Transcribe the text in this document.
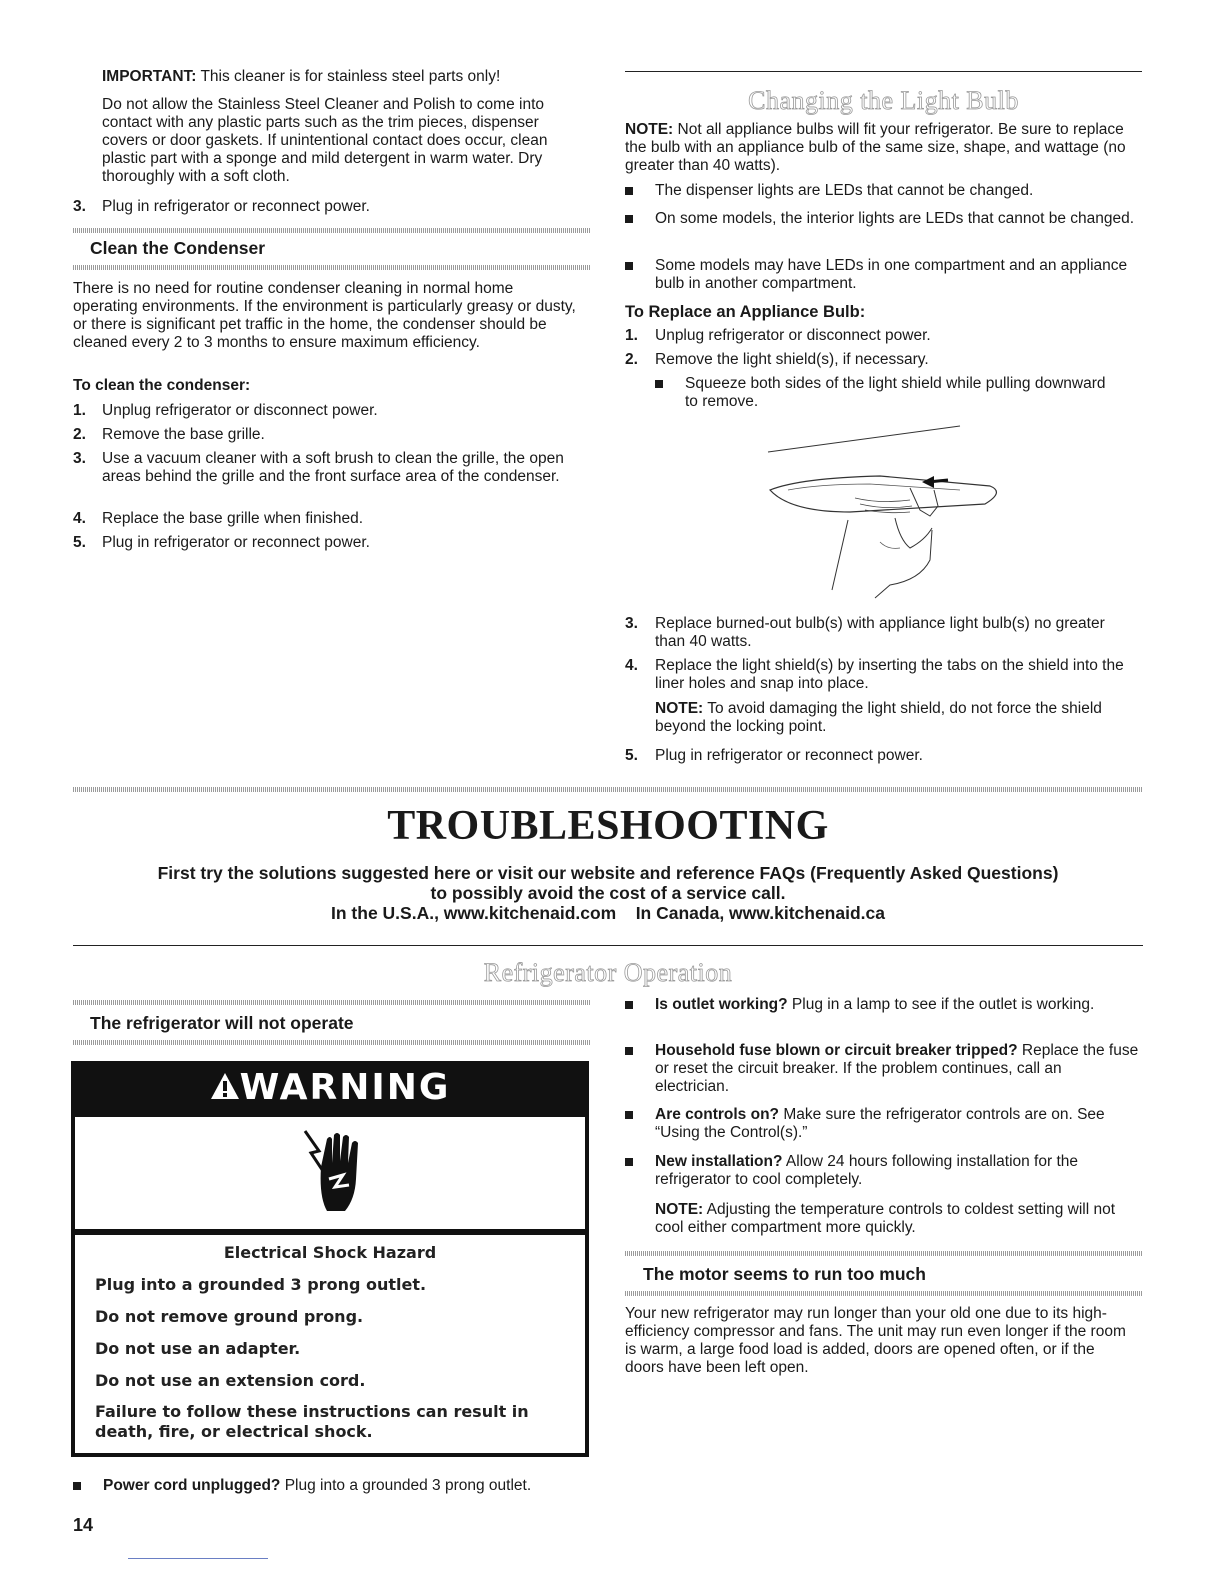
IMPORTANT: This cleaner is for stainless steel parts only!

Do not allow the Stainless Steel Cleaner and Polish to come into contact with any plastic parts such as the trim pieces, dispenser covers or door gaskets. If unintentional contact does occur, clean plastic part with a sponge and mild detergent in warm water. Dry thoroughly with a soft cloth.

3. Plug in refrigerator or reconnect power.
Clean the Condenser

There is no need for routine condenser cleaning in normal home operating environments. If the environment is particularly greasy or dusty, or there is significant pet traffic in the home, the condenser should be cleaned every 2 to 3 months to ensure maximum efficiency.

To clean the condenser:
1. Unplug refrigerator or disconnect power.
2. Remove the base grille.
3. Use a vacuum cleaner with a soft brush to clean the grille, the open areas behind the grille and the front surface area of the condenser.
4. Replace the base grille when finished.
5. Plug in refrigerator or reconnect power.
Changing the Light Bulb
NOTE: Not all appliance bulbs will fit your refrigerator. Be sure to replace the bulb with an appliance bulb of the same size, shape, and wattage (no greater than 40 watts).
The dispenser lights are LEDs that cannot be changed.
On some models, the interior lights are LEDs that cannot be changed.
Some models may have LEDs in one compartment and an appliance bulb in another compartment.
To Replace an Appliance Bulb:
1. Unplug refrigerator or disconnect power.
2. Remove the light shield(s), if necessary.
Squeeze both sides of the light shield while pulling downward to remove.
3. Replace burned-out bulb(s) with appliance light bulb(s) no greater than 40 watts.
4. Replace the light shield(s) by inserting the tabs on the shield into the liner holes and snap into place.
NOTE: To avoid damaging the light shield, do not force the shield beyond the locking point.
5. Plug in refrigerator or reconnect power.
TROUBLESHOOTING
First try the solutions suggested here or visit our website and reference FAQs (Frequently Asked Questions)
to possibly avoid the cost of a service call.
In the U.S.A., www.kitchenaid.com    In Canada, www.kitchenaid.ca
Refrigerator Operation
The refrigerator will not operate
WARNING
Electrical Shock Hazard
Plug into a grounded 3 prong outlet.
Do not remove ground prong.
Do not use an adapter.
Do not use an extension cord.
Failure to follow these instructions can result in death, fire, or electrical shock.
Power cord unplugged? Plug into a grounded 3 prong outlet.
Is outlet working? Plug in a lamp to see if the outlet is working.
Household fuse blown or circuit breaker tripped? Replace the fuse or reset the circuit breaker. If the problem continues, call an electrician.
Are controls on? Make sure the refrigerator controls are on. See “Using the Control(s).”
New installation? Allow 24 hours following installation for the refrigerator to cool completely.
NOTE: Adjusting the temperature controls to coldest setting will not cool either compartment more quickly.
The motor seems to run too much

Your new refrigerator may run longer than your old one due to its high-efficiency compressor and fans. The unit may run even longer if the room is warm, a large food load is added, doors are opened often, or if the doors have been left open.

14
